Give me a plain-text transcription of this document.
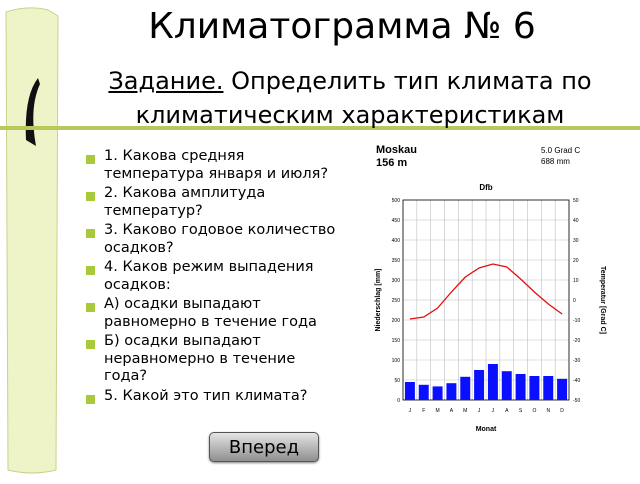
Климатограмма № 6
Задание. Определить тип климата по климатическим характеристикам
1. Какова средняя температура января и июля?
2. Какова амплитуда температур?
3. Каково годовое количество осадков?
4. Каков режим выпадения осадков:
А) осадки выпадают равномерно в течение года
Б) осадки выпадают неравномерно в течение года?
5. Какой это тип климата?
Вперед
Moskau
156 m
5.0 Grad C
688 mm
Dfb
0
50
100
150
200
250
300
350
400
450
500
-50
-40
-30
-20
-10
0
10
20
30
40
50
J F M A M J J A S O N D
Monat
Niederschlag [mm]	Temperatur [Grad C]
